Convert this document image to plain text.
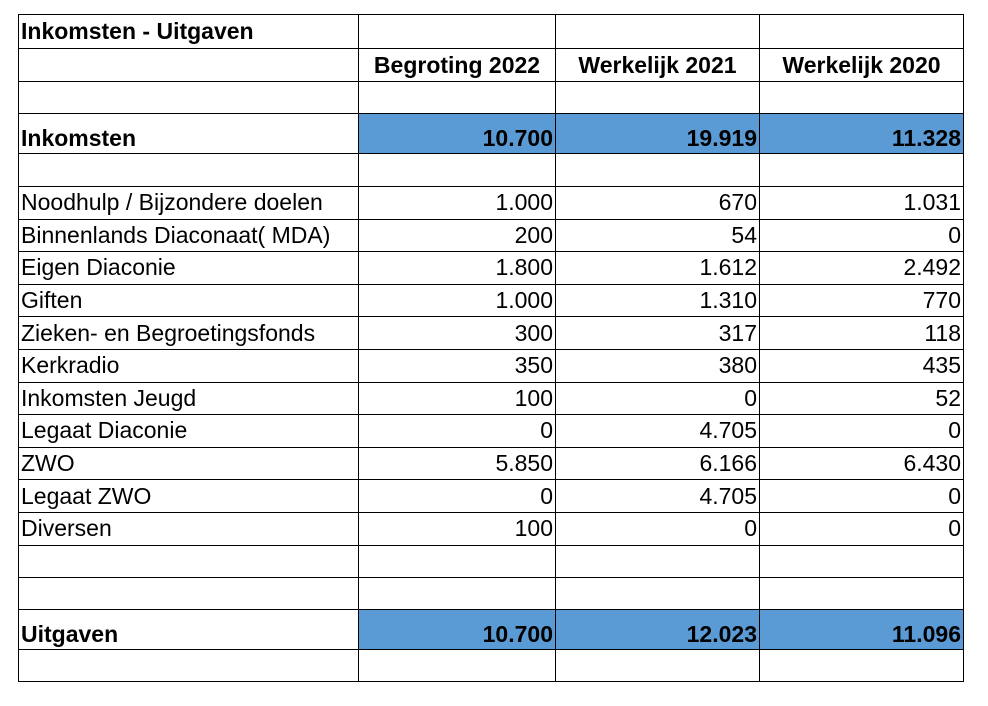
Inkomsten - Uitgaven			
	Begroting 2022	Werkelijk 2021	Werkelijk 2020

Inkomsten	10.700	19.919	11.328

Noodhulp / Bijzondere doelen	1.000	670	1.031
Binnenlands Diaconaat( MDA)	200	54	0
Eigen Diaconie	1.800	1.612	2.492
Giften	1.000	1.310	770
Zieken- en Begroetingsfonds	300	317	118
Kerkradio	350	380	435
Inkomsten Jeugd	100	0	52
Legaat Diaconie	0	4.705	0
ZWO	5.850	6.166	6.430
Legaat ZWO	0	4.705	0
Diversen	100	0	0

Uitgaven	10.700	12.023	11.096
